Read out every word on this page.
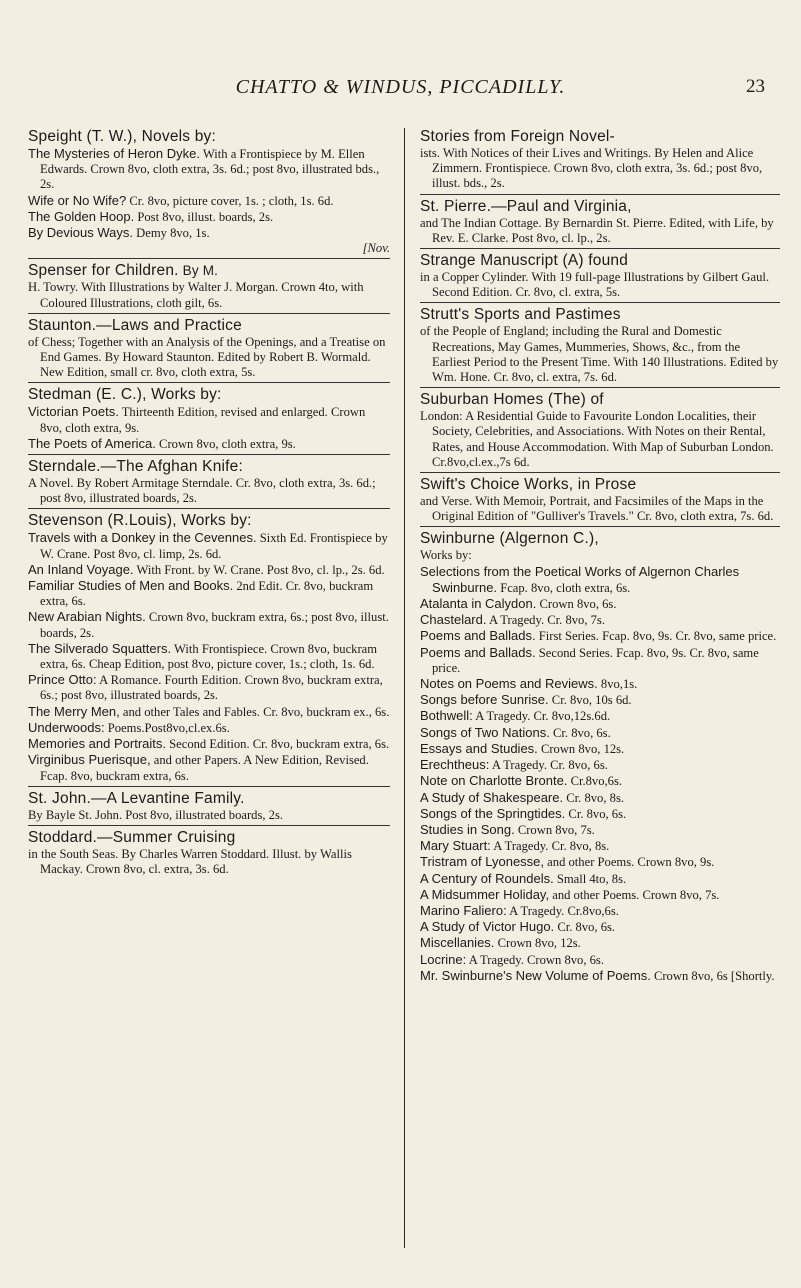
CHATTO & WINDUS, PICCADILLY.	23
Speight (T. W.), Novels by:

The Mysteries of Heron Dyke. With a Frontispiece by M. Ellen Edwards. Crown 8vo, cloth extra, 3s. 6d.; post 8vo, illustrated bds., 2s.

Wife or No Wife? Cr. 8vo, picture cover, 1s. ; cloth, 1s. 6d.

The Golden Hoop. Post 8vo, illust. boards, 2s.

By Devious Ways. Demy 8vo, 1s.

[Nov.
Spenser for Children. By M.

H. Towry. With Illustrations by Walter J. Morgan. Crown 4to, with Coloured Illustrations, cloth gilt, 6s.

Staunton.—Laws and Practice

of Chess; Together with an Analysis of the Openings, and a Treatise on End Games. By Howard Staunton. Edited by Robert B. Wormald. New Edition, small cr. 8vo, cloth extra, 5s.

Stedman (E. C.), Works by:

Victorian Poets. Thirteenth Edition, revised and enlarged. Crown 8vo, cloth extra, 9s.

The Poets of America. Crown 8vo, cloth extra, 9s.

Sterndale.—The Afghan Knife:

A Novel. By Robert Armitage Sterndale. Cr. 8vo, cloth extra, 3s. 6d.; post 8vo, illustrated boards, 2s.

Stevenson (R.Louis), Works by:

Travels with a Donkey in the Cevennes. Sixth Ed. Frontispiece by W. Crane. Post 8vo, cl. limp, 2s. 6d.

An Inland Voyage. With Front. by W. Crane. Post 8vo, cl. lp., 2s. 6d.

Familiar Studies of Men and Books. 2nd Edit. Cr. 8vo, buckram extra, 6s.

New Arabian Nights. Crown 8vo, buckram extra, 6s.; post 8vo, illust. boards, 2s.

The Silverado Squatters. With Frontispiece. Crown 8vo, buckram extra, 6s. Cheap Edition, post 8vo, picture cover, 1s.; cloth, 1s. 6d.

Prince Otto: A Romance. Fourth Edition. Crown 8vo, buckram extra, 6s.; post 8vo, illustrated boards, 2s.

The Merry Men, and other Tales and Fables. Cr. 8vo, buckram ex., 6s.

Underwoods: Poems.Post8vo,cl.ex.6s.

Memories and Portraits. Second Edition. Cr. 8vo, buckram extra, 6s.

Virginibus Puerisque, and other Papers. A New Edition, Revised. Fcap. 8vo, buckram extra, 6s.

St. John.—A Levantine Family.

By Bayle St. John. Post 8vo, illustrated boards, 2s.

Stoddard.—Summer Cruising

in the South Seas. By Charles Warren Stoddard. Illust. by Wallis Mackay. Crown 8vo, cl. extra, 3s. 6d.

Stories from Foreign Novel-

ists. With Notices of their Lives and Writings. By Helen and Alice Zimmern. Frontispiece. Crown 8vo, cloth extra, 3s. 6d.; post 8vo, illust. bds., 2s.

St. Pierre.—Paul and Virginia,

and The Indian Cottage. By Bernardin St. Pierre. Edited, with Life, by Rev. E. Clarke. Post 8vo, cl. lp., 2s.

Strange Manuscript (A) found

in a Copper Cylinder. With 19 full-page Illustrations by Gilbert Gaul. Second Edition. Cr. 8vo, cl. extra, 5s.

Strutt's Sports and Pastimes

of the People of England; including the Rural and Domestic Recreations, May Games, Mummeries, Shows, &c., from the Earliest Period to the Present Time. With 140 Illustrations. Edited by Wm. Hone. Cr. 8vo, cl. extra, 7s. 6d.

Suburban Homes (The) of

London: A Residential Guide to Favourite London Localities, their Society, Celebrities, and Associations. With Notes on their Rental, Rates, and House Accommodation. With Map of Suburban London. Cr.8vo,cl.ex.,7s 6d.

Swift's Choice Works, in Prose

and Verse. With Memoir, Portrait, and Facsimiles of the Maps in the Original Edition of "Gulliver's Travels." Cr. 8vo, cloth extra, 7s. 6d.

Swinburne (Algernon C.),

Works by:

Selections from the Poetical Works of Algernon Charles Swinburne. Fcap. 8vo, cloth extra, 6s.

Atalanta in Calydon. Crown 8vo, 6s.

Chastelard. A Tragedy. Cr. 8vo, 7s.

Poems and Ballads. First Series. Fcap. 8vo, 9s. Cr. 8vo, same price.

Poems and Ballads. Second Series. Fcap. 8vo, 9s. Cr. 8vo, same price.

Notes on Poems and Reviews. 8vo,1s.

Songs before Sunrise. Cr. 8vo, 10s 6d.

Bothwell: A Tragedy. Cr. 8vo,12s.6d.

Songs of Two Nations. Cr. 8vo, 6s.

Essays and Studies. Crown 8vo, 12s.

Erechtheus: A Tragedy. Cr. 8vo, 6s.

Note on Charlotte Bronte. Cr.8vo,6s.

A Study of Shakespeare. Cr. 8vo, 8s.

Songs of the Springtides. Cr. 8vo, 6s.

Studies in Song. Crown 8vo, 7s.

Mary Stuart: A Tragedy. Cr. 8vo, 8s.

Tristram of Lyonesse, and other Poems. Crown 8vo, 9s.

A Century of Roundels. Small 4to, 8s.

A Midsummer Holiday, and other Poems. Crown 8vo, 7s.

Marino Faliero: A Tragedy. Cr.8vo,6s.

A Study of Victor Hugo. Cr. 8vo, 6s.

Miscellanies. Crown 8vo, 12s.

Locrine: A Tragedy. Crown 8vo, 6s.

Mr. Swinburne's New Volume of Poems. Crown 8vo, 6s [Shortly.
